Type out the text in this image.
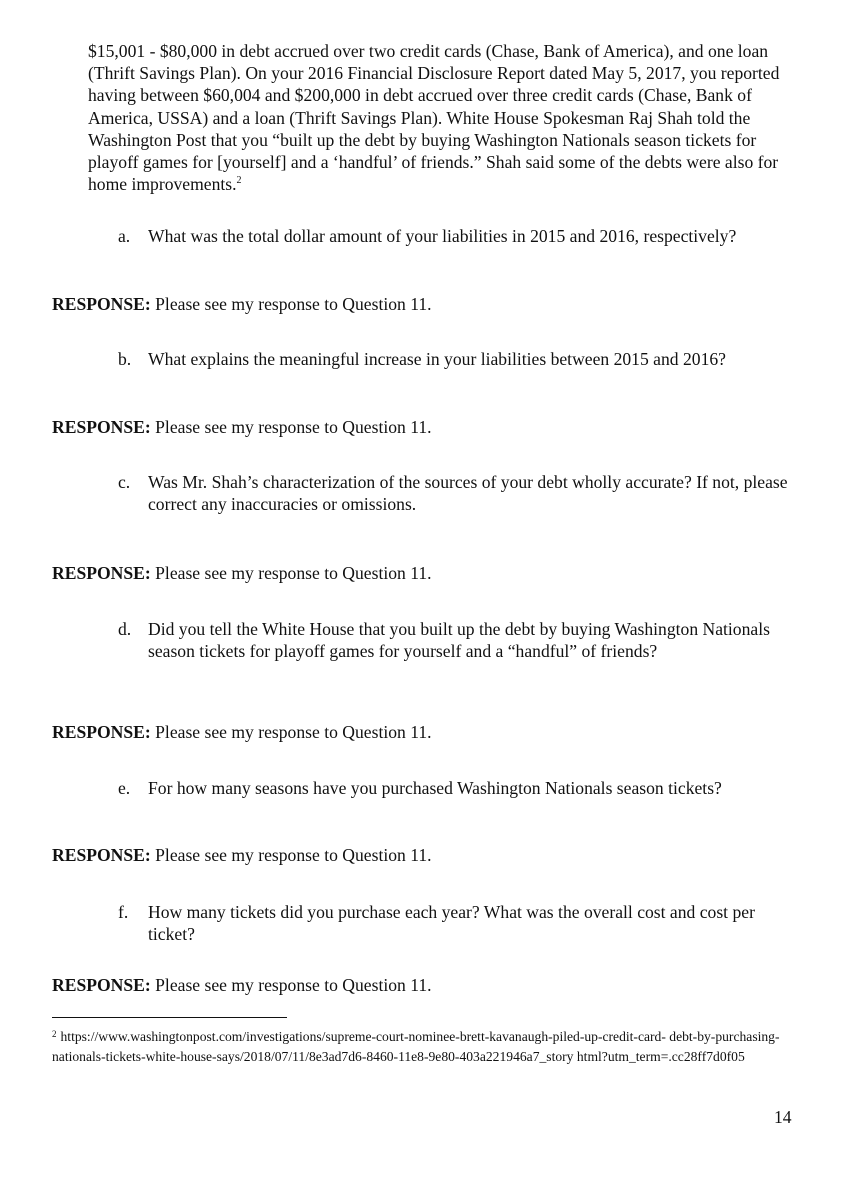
$15,001 - $80,000 in debt accrued over two credit cards (Chase, Bank of America), and one loan (Thrift Savings Plan). On your 2016 Financial Disclosure Report dated May 5, 2017, you reported having between $60,004 and $200,000 in debt accrued over three credit cards (Chase, Bank of America, USSA) and a loan (Thrift Savings Plan). White House Spokesman Raj Shah told the Washington Post that you “built up the debt by buying Washington Nationals season tickets for playoff games for [yourself] and a ‘handful’ of friends.” Shah said some of the debts were also for home improvements.$^2$

a.	What was the total dollar amount of your liabilities in 2015 and 2016, respectively?
RESPONSE: Please see my response to Question 11.
b. What explains the meaningful increase in your liabilities between 2015 and 2016?
RESPONSE: Please see my response to Question 11.
c.	Was Mr. Shah’s characterization of the sources of your debt wholly accurate? If not, please correct any inaccuracies or omissions.
RESPONSE: Please see my response to Question 11.
d. Did you tell the White House that you built up the debt by buying Washington Nationals season tickets for playoff games for yourself and a “handful” of friends?
RESPONSE: Please see my response to Question 11.
e.	For how many seasons have you purchased Washington Nationals season tickets?
RESPONSE: Please see my response to Question 11.
f.	How many tickets did you purchase each year? What was the overall cost and cost per ticket?
RESPONSE: Please see my response to Question 11.
$^2$ https://www.washingtonpost.com/investigations/supreme-court-nominee-brett-kavanaugh-piled-up-credit-card- debt-by-purchasing-nationals-tickets-white-house-says/2018/07/11/8e3ad7d6-8460-11e8-9e80-403a221946a7_story html?utm_term=.cc28ff7d0f05
14
